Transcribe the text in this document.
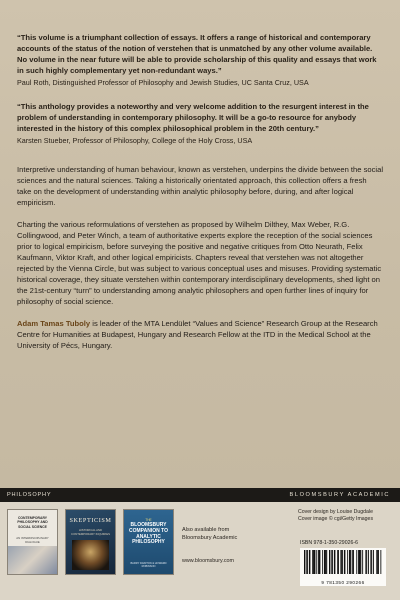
“This volume is a triumphant collection of essays. It offers a range of historical and contemporary accounts of the status of the notion of verstehen that is unmatched by any other volume available. No volume in the near future will be able to provide scholarship of this quality and essays that work in such highly complementary yet non-redundant ways.”

Paul Roth, Distinguished Professor of Philosophy and Jewish Studies, UC Santa Cruz, USA

“This anthology provides a noteworthy and very welcome addition to the resurgent interest in the problem of understanding in contemporary philosophy. It will be a go-to resource for anybody interested in the history of this complex philosophical problem in the 20th century.”

Karsten Stueber, Professor of Philosophy, College of the Holy Cross, USA

Interpretive understanding of human behaviour, known as verstehen, underpins the divide between the social sciences and the natural sciences. Taking a historically orientated approach, this collection offers a fresh take on the development of understanding within analytic philosophy before, during, and after logical empiricism.

Charting the various reformulations of verstehen as proposed by Wilhelm Dilthey, Max Weber, R.G. Collingwood, and Peter Winch, a team of authoritative experts explore the reception of the social sciences prior to logical empiricism, before surveying the positive and negative critiques from Otto Neurath, Felix Kaufmann, Viktor Kraft, and other logical empiricists. Chapters reveal that verstehen was not altogether rejected by the Vienna Circle, but was subject to various conceptual uses and misuses. Providing systematic historical coverage, they situate verstehen within contemporary interdisciplinary developments, shed light on the 21st-century “turn” to understanding among analytic philosophers and open further lines of inquiry for philosophy of social science.

Adam Tamas Tuboly is leader of the MTA Lendület “Values and Science” Research Group at the Research Centre for Humanities at Budapest, Hungary and Research Fellow at the ITD in the Medical School at the University of Pécs, Hungary.

PHILOSOPHY	BLOOMSBURY ACADEMIC
CONTEMPORARY PHILOSOPHY AND SOCIAL SCIENCE
AN INTERDISCIPLINARY DIALOGUE
SKEPTICISM
HISTORICAL AND CONTEMPORARY INQUIRIES
THE
BLOOMSBURY COMPANION TO ANALYTIC PHILOSOPHY
BARRY DAINTON & HOWARD ROBINSON
Also available from Bloomsbury Academic
www.bloomsbury.com
Cover design by Louise Dugdale
Cover image © cgi/Getty Images
ISBN 978-1-350-29026-6
9 781350 290266
